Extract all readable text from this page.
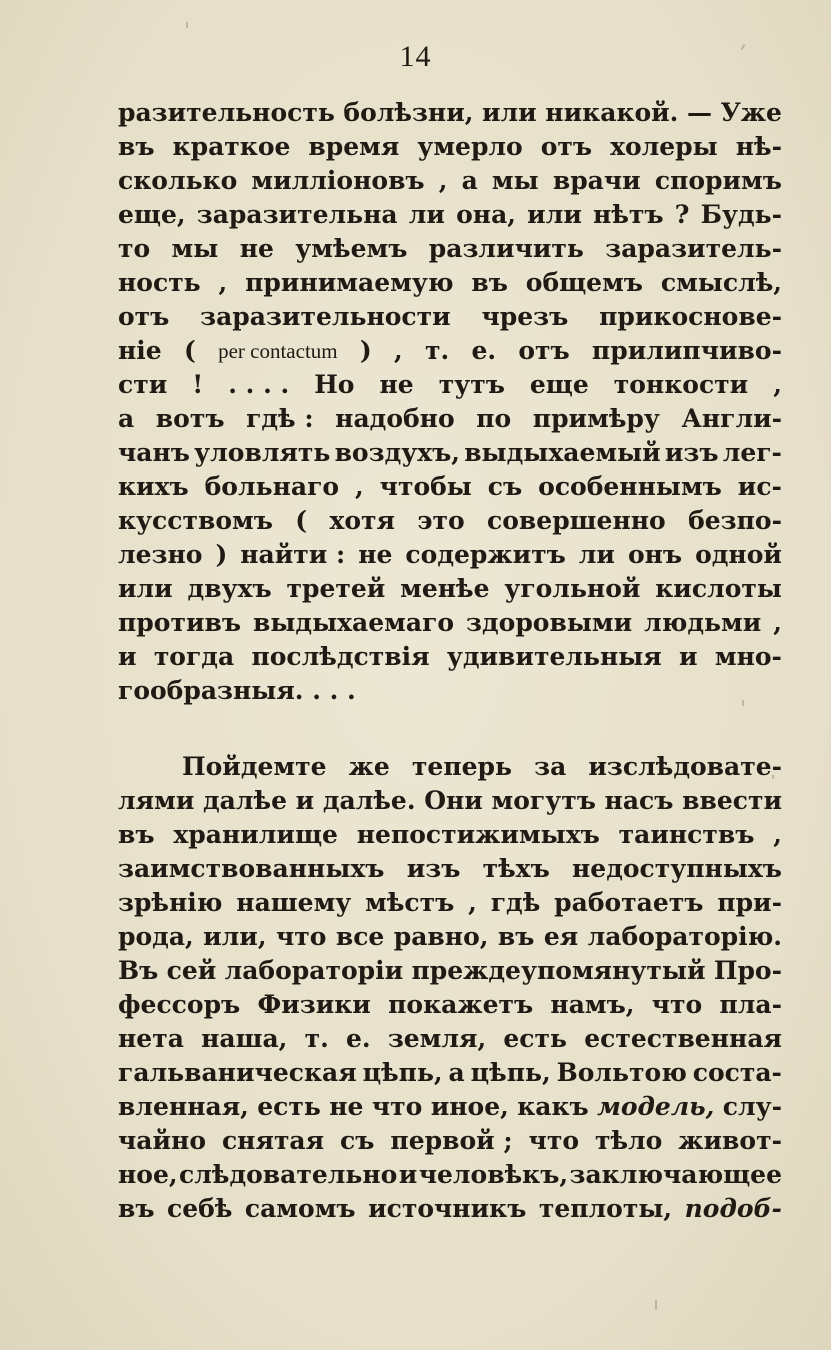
14
разительность болѣзни, или никакой. — Уже
въ краткое время умерло отъ холеры нѣ-
сколько милліоновъ , а мы врачи споримъ
еще, заразительна ли она, или нѣтъ ? Будь-
то мы не умѣемъ различить заразитель-
ность , принимаемую въ общемъ смыслѣ,
отъ заразительности чрезъ прикоснове-
ніе ( per contactum ) , т. е. отъ прилипчиво-
сти ! . . . . Но не тутъ еще тонкости ,
а вотъ гдѣ : надобно по примѣру Англи-
чанъ уловлять воздухъ, выдыхаемый изъ лег-
кихъ больнаго , чтобы съ особеннымъ ис-
кусствомъ ( хотя это совершенно безпо-
лезно ) найти : не содержитъ ли онъ одной
или двухъ третей менѣе угольной кислоты
противъ выдыхаемаго здоровыми людьми ,
и тогда послѣдствія удивительныя и мно-
гообразныя. . . .
Пойдемте же теперь за изслѣдовате-
лями далѣе и далѣе. Они могутъ насъ ввести
въ хранилище непостижимыхъ таинствъ ,
заимствованныхъ изъ тѣхъ недоступныхъ
зрѣнію нашему мѣстъ , гдѣ работаетъ при-
рода, или, что все равно, въ ея лабораторію.
Въ сей лабораторіи преждеупомянутый Про-
фессоръ Физики покажетъ намъ, что пла-
нета наша, т. е. земля, есть естественная
гальваническая цѣпь, а цѣпь, Вольтою соста-
вленная, есть не что иное, какъ модель, слу-
чайно снятая съ первой ; что тѣло живот-
ное, слѣдовательно и человѣкъ, заключающее
въ себѣ самомъ источникъ теплоты, подоб-
